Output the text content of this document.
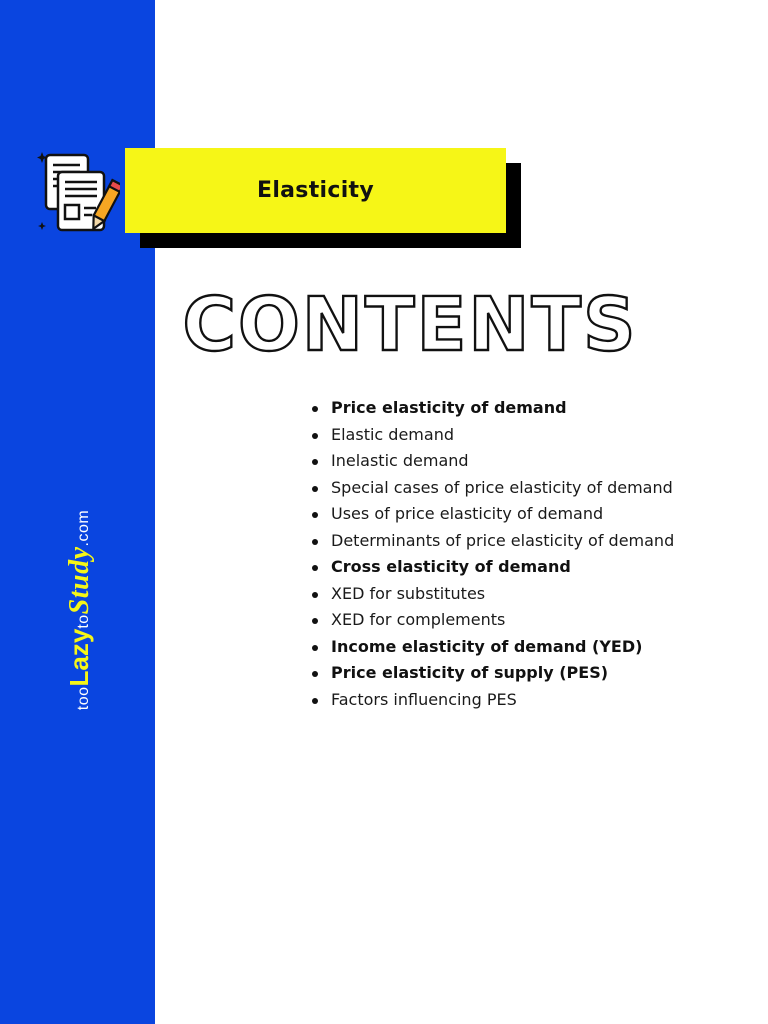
tooLazytoStudy.com
Elasticity
CONTENTS
Price elasticity of demand
Elastic demand
Inelastic demand
Special cases of price elasticity of demand
Uses of price elasticity of demand
Determinants of price elasticity of demand
Cross elasticity of demand
XED for substitutes
XED for complements
Income elasticity of demand (YED)
Price elasticity of supply (PES)
Factors influencing PES
